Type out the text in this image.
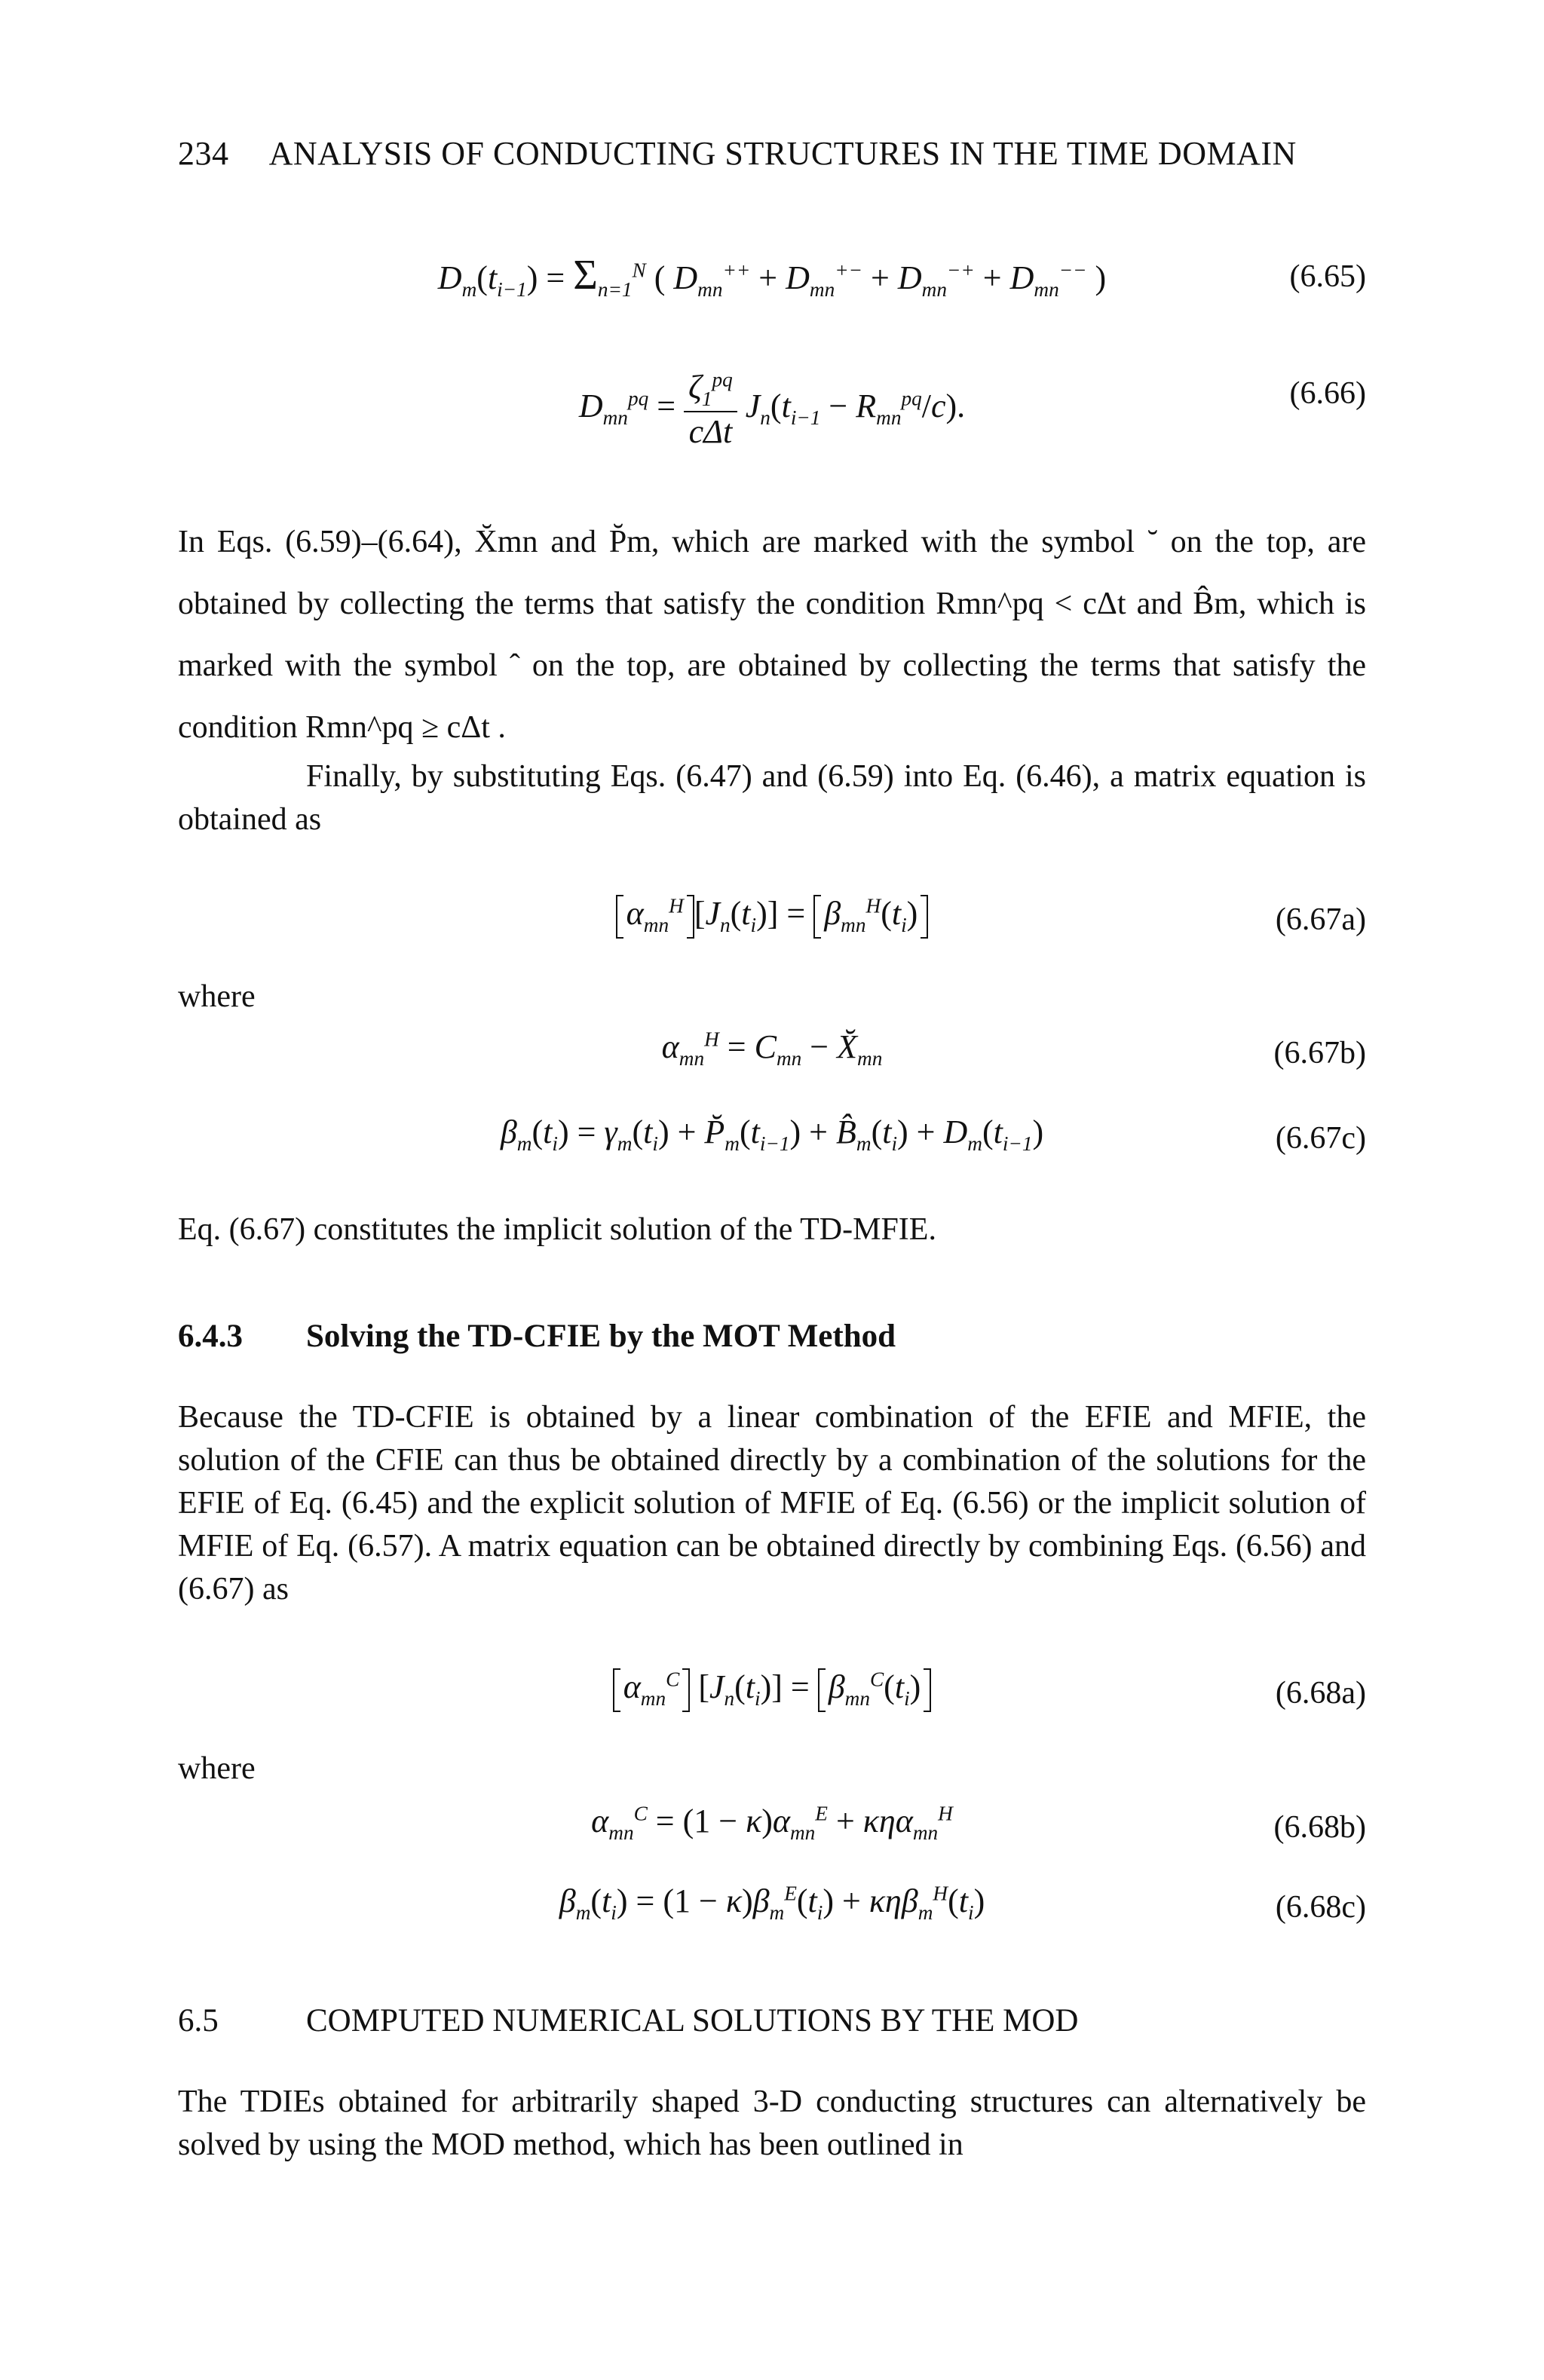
234 ANALYSIS OF CONDUCTING STRUCTURES IN THE TIME DOMAIN
$D_m(t_{i-1}) = \Sigma_{n=1}^N$ ( $D_{mn}^{++} + D_{mn}^{+-} + D_{mn}^{-+} + D_{mn}^{--}$ )	(6.65)
$D_{mn}^{pq}$ =
$\zeta_1^{pq}$
cΔt
$J_n(t_{i-1} - R_{mn}^{pq}/c)$.	(6.66)
In Eqs. (6.59)–(6.64), X̆mn and P̆m, which are marked with the symbol ˘ on the top, are obtained by collecting the terms that satisfy the condition Rmn^pq < cΔt and B̂m, which is marked with the symbol ˆ on the top, are obtained by collecting the terms that satisfy the condition Rmn^pq ≥ cΔt .
Finally, by substituting Eqs. (6.47) and (6.59) into Eq. (6.46), a matrix equation is obtained as
$\alpha_{mn}^H$ $[J_n(t_i)] = \beta_{mn}^H(t_i)$	(6.67a)
where
$\alpha_{mn}^H = C_{mn}$ − $X̆_{mn}$	(6.67b)
$\beta_m(t_i) = \gamma_m(t_i)$ + $P̆_m(t_{i-1})$ + $B̂_m(t_i) + D_m(t_{i-1})$	(6.67c)
Eq. (6.67) constitutes the implicit solution of the TD-MFIE.
6.4.3 Solving the TD-CFIE by the MOT Method
Because the TD-CFIE is obtained by a linear combination of the EFIE and MFIE, the solution of the CFIE can thus be obtained directly by a combination of the solutions for the EFIE of Eq. (6.45) and the explicit solution of MFIE of Eq. (6.56) or the implicit solution of MFIE of Eq. (6.57). A matrix equation can be obtained directly by combining Eqs. (6.56) and (6.67) as
$\alpha_{mn}^C$ $[J_n(t_i)] = \beta_{mn}^C(t_i)$	(6.68a)
where
$\alpha_{mn}^C = (1 - \kappa)\alpha_{mn}^E + \kappa\eta\alpha_{mn}^H$	(6.68b)
$\beta_m(t_i) = (1 - \kappa)\beta_m^E(t_i) + \kappa\eta\beta_m^H(t_i)$	(6.68c)
6.5	COMPUTED NUMERICAL SOLUTIONS BY THE MOD
The TDIEs obtained for arbitrarily shaped 3-D conducting structures can alternatively be solved by using the MOD method, which has been outlined in
